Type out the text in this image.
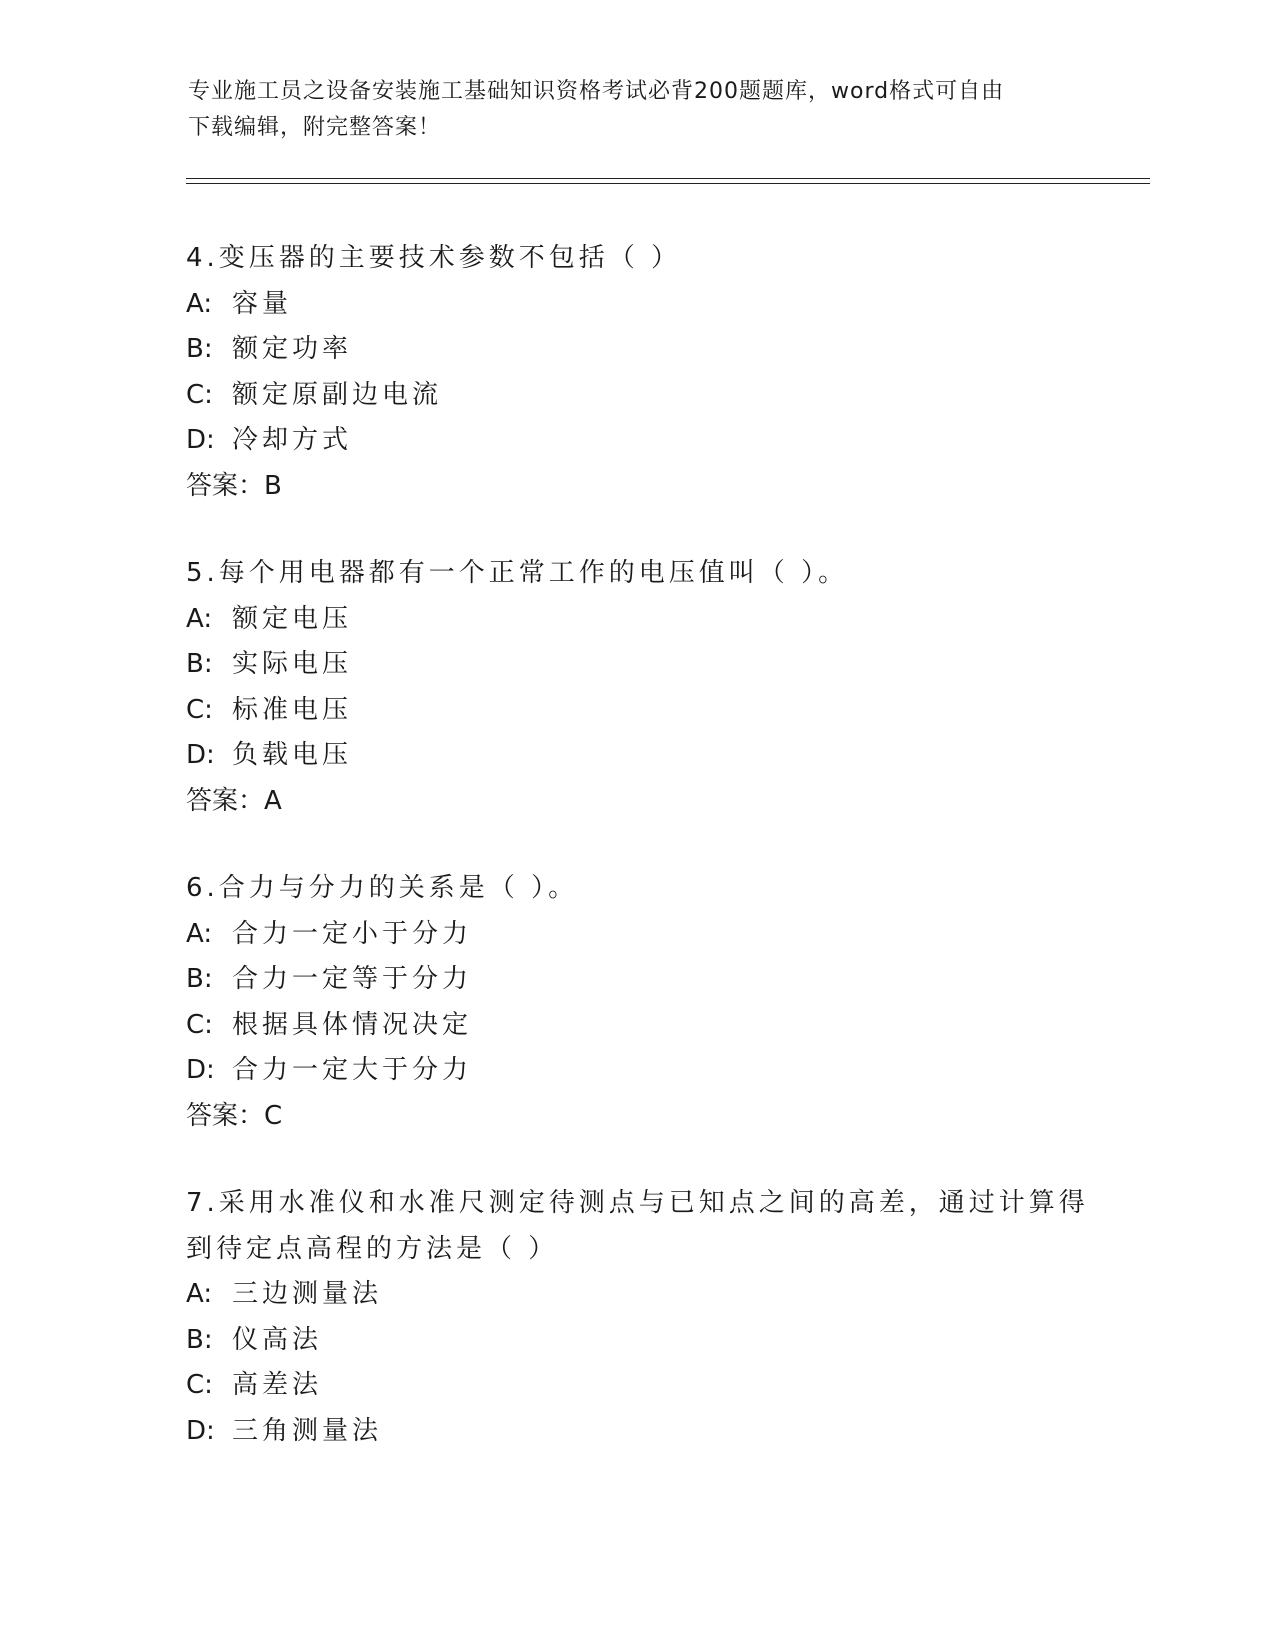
专业施工员之设备安装施工基础知识资格考试必背200题题库，word格式可自由
下载编辑，附完整答案！
4.变压器的主要技术参数不包括（ ）
A: 容量
B: 额定功率
C: 额定原副边电流
D: 冷却方式
答案：B
5.每个用电器都有一个正常工作的电压值叫（ ）。
A: 额定电压
B: 实际电压
C: 标准电压
D: 负载电压
答案：A
6.合力与分力的关系是（ ）。
A: 合力一定小于分力
B: 合力一定等于分力
C: 根据具体情况决定
D: 合力一定大于分力
答案：C
7.采用水准仪和水准尺测定待测点与已知点之间的高差，通过计算得
到待定点高程的方法是（ ）
A: 三边测量法
B: 仪高法
C: 高差法
D: 三角测量法
